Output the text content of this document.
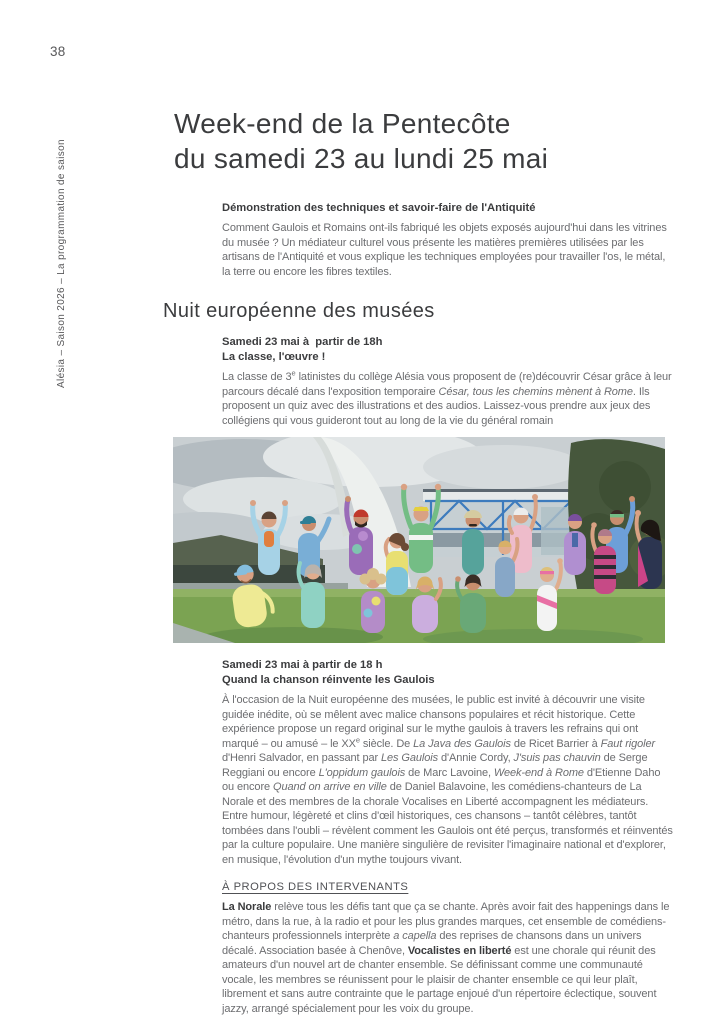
38
Alésia – Saison 2026 – La programmation de saison
Week-end de la Pentecôte
du samedi 23 au lundi 25 mai
Démonstration des techniques et savoir-faire de l'Antiquité
Comment Gaulois et Romains ont-ils fabriqué les objets exposés aujourd'hui dans les vitrines du musée ? Un médiateur culturel vous présente les matières premières utilisées par les artisans de l'Antiquité et vous explique les techniques employées pour travailler l'os, le métal, la terre ou encore les fibres textiles.
Nuit européenne des musées
Samedi 23 mai à  partir de 18h
La classe, l'œuvre !
La classe de 3e latinistes du collège Alésia vous proposent de (re)découvrir César grâce à leur parcours décalé dans l'exposition temporaire César, tous les chemins mènent à Rome. Ils proposent un quiz avec des illustrations et des audios. Laissez-vous prendre aux jeux des collégiens qui vous guideront tout au long de la vie du général romain
Samedi 23 mai à partir de 18 h
Quand la chanson réinvente les Gaulois
À l'occasion de la Nuit européenne des musées, le public est invité à découvrir une visite guidée inédite, où se mêlent avec malice chansons populaires et récit historique. Cette expérience propose un regard original sur le mythe gaulois à travers les refrains qui ont marqué – ou amusé – le XXe siècle. De La Java des Gaulois de Ricet Barrier à Faut rigoler d'Henri Salvador, en passant par Les Gaulois d'Annie Cordy, J'suis pas chauvin de Serge Reggiani ou encore L'oppidum gaulois de Marc Lavoine, Week-end à Rome d'Etienne Daho ou encore Quand on arrive en ville de Daniel Balavoine, les comédiens-chanteurs de La Norale et des membres de la chorale Vocalises en Liberté accompagnent les médiateurs. Entre humour, légèreté et clins d'œil historiques, ces chansons – tantôt célèbres, tantôt tombées dans l'oubli – révèlent comment les Gaulois ont été perçus, transformés et réinventés par la culture populaire. Une manière singulière de revisiter l'imaginaire national et d'explorer, en musique, l'évolution d'un mythe toujours vivant.
À PROPOS DES INTERVENANTS
La Norale relève tous les défis tant que ça se chante. Après avoir fait des happenings dans le métro, dans la rue, à la radio et pour les plus grandes marques, cet ensemble de comédiens-chanteurs professionnels interprète a capella des reprises de chansons dans un univers décalé. Association basée à Chenôve, Vocalistes en liberté est une chorale qui réunit des amateurs d'un nouvel art de chanter ensemble. Se définissant comme une communauté vocale, les membres se réunissent pour le plaisir de chanter ensemble ce qui leur plaît, librement et sans autre contrainte que le partage enjoué d'un répertoire éclectique, souvent jazzy, arrangé spécialement pour les voix du groupe.
